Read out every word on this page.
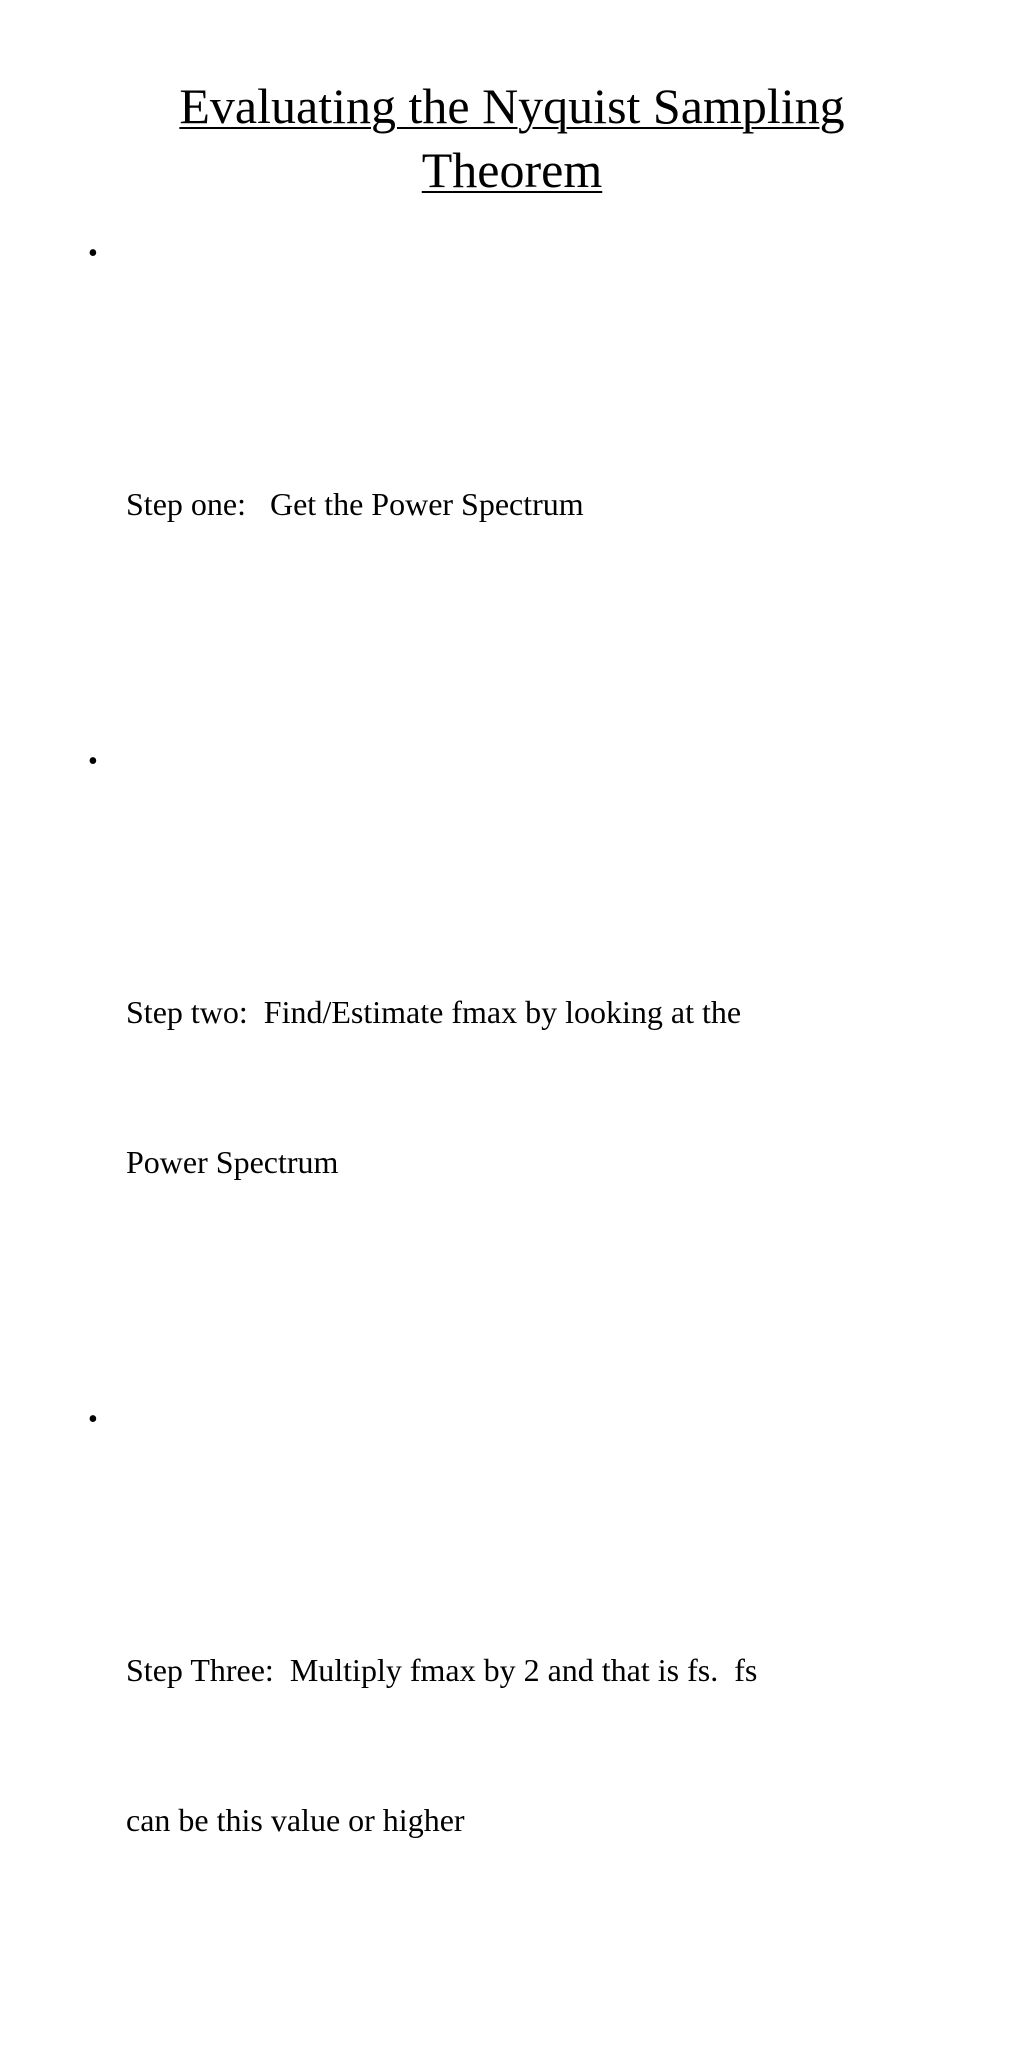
Evaluating the Nyquist Sampling
Theorem

•

Step one:   Get the Power Spectrum

•

Step two:  Find/Estimate fmax by looking at the

Power Spectrum

•

Step Three:  Multiply fmax by 2 and that is fs.  fs

can be this value or higher
